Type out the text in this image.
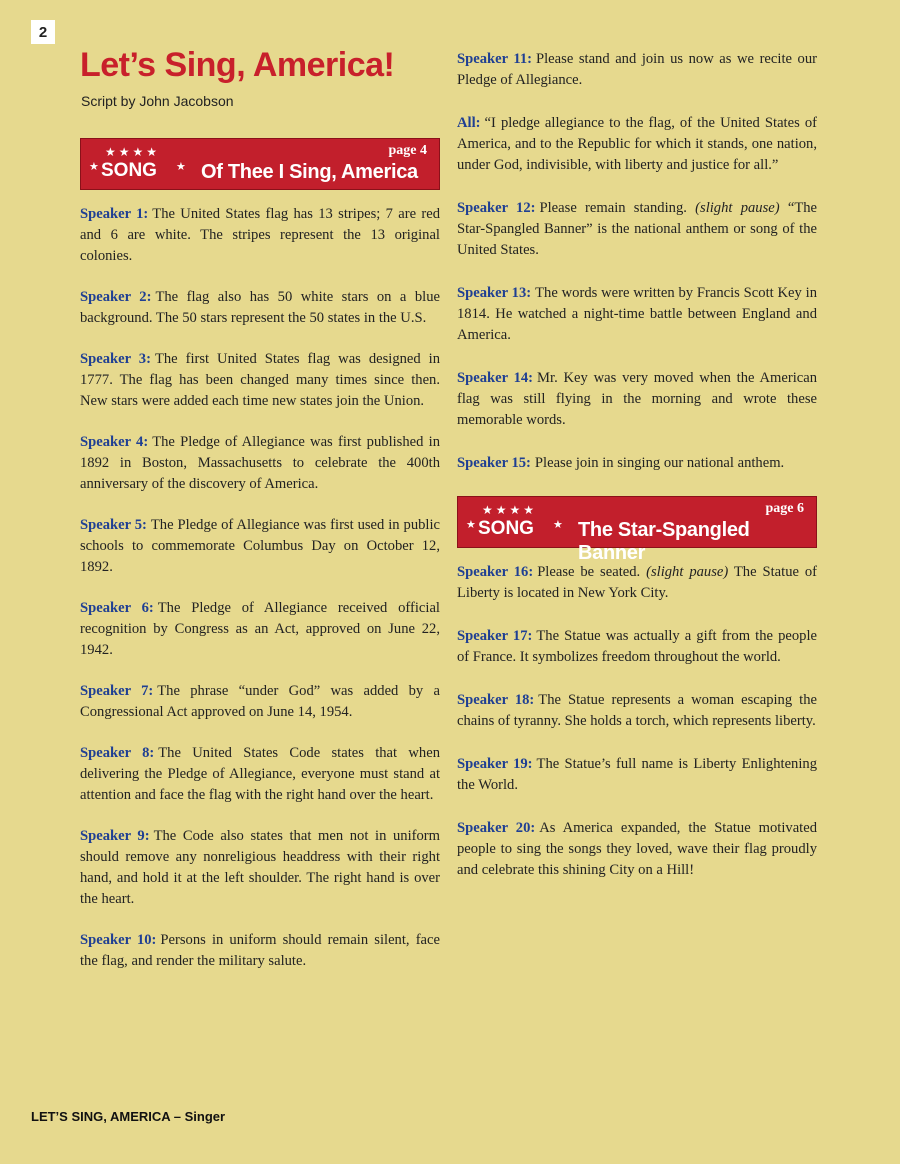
2
Let’s Sing, America!
Script by John Jacobson
page 4
★★★★
★ SONG ★ Of Thee I Sing, America

Speaker 1: The United States flag has 13 stripes; 7 are red and 6 are white. The stripes represent the 13 original colonies.

Speaker 2: The flag also has 50 white stars on a blue background. The 50 stars represent the 50 states in the U.S.

Speaker 3: The first United States flag was designed in 1777. The flag has been changed many times since then. New stars were added each time new states join the Union.

Speaker 4: The Pledge of Allegiance was first published in 1892 in Boston, Massachusetts to celebrate the 400th anniversary of the discovery of America.

Speaker 5: The Pledge of Allegiance was first used in public schools to commemorate Columbus Day on October 12, 1892.

Speaker 6: The Pledge of Allegiance received official recognition by Congress as an Act, approved on June 22, 1942.

Speaker 7: The phrase “under God” was added by a Congressional Act approved on June 14, 1954.

Speaker 8: The United States Code states that when delivering the Pledge of Allegiance, everyone must stand at attention and face the flag with the right hand over the heart.

Speaker 9: The Code also states that men not in uniform should remove any nonreligious headdress with their right hand, and hold it at the left shoulder. The right hand is over the heart.

Speaker 10: Persons in uniform should remain silent, face the flag, and render the military salute.

Speaker 11: Please stand and join us now as we recite our Pledge of Allegiance.

All: “I pledge allegiance to the flag, of the United States of America, and to the Republic for which it stands, one nation, under God, indivisible, with liberty and justice for all.”

Speaker 12: Please remain standing. (slight pause) “The Star-Spangled Banner” is the national anthem or song of the United States.

Speaker 13: The words were written by Francis Scott Key in 1814. He watched a night-time battle between England and America.

Speaker 14: Mr. Key was very moved when the American flag was still flying in the morning and wrote these memorable words.

Speaker 15: Please join in singing our national anthem.

page 6
★★★★
★ SONG ★ The Star-Spangled Banner

Speaker 16: Please be seated. (slight pause) The Statue of Liberty is located in New York City.

Speaker 17: The Statue was actually a gift from the people of France. It symbolizes freedom throughout the world.

Speaker 18: The Statue represents a woman escaping the chains of tyranny. She holds a torch, which represents liberty.

Speaker 19: The Statue’s full name is Liberty Enlightening the World.

Speaker 20: As America expanded, the Statue motivated people to sing the songs they loved, wave their flag proudly and celebrate this shining City on a Hill!

LET’S SING, AMERICA – Singer
